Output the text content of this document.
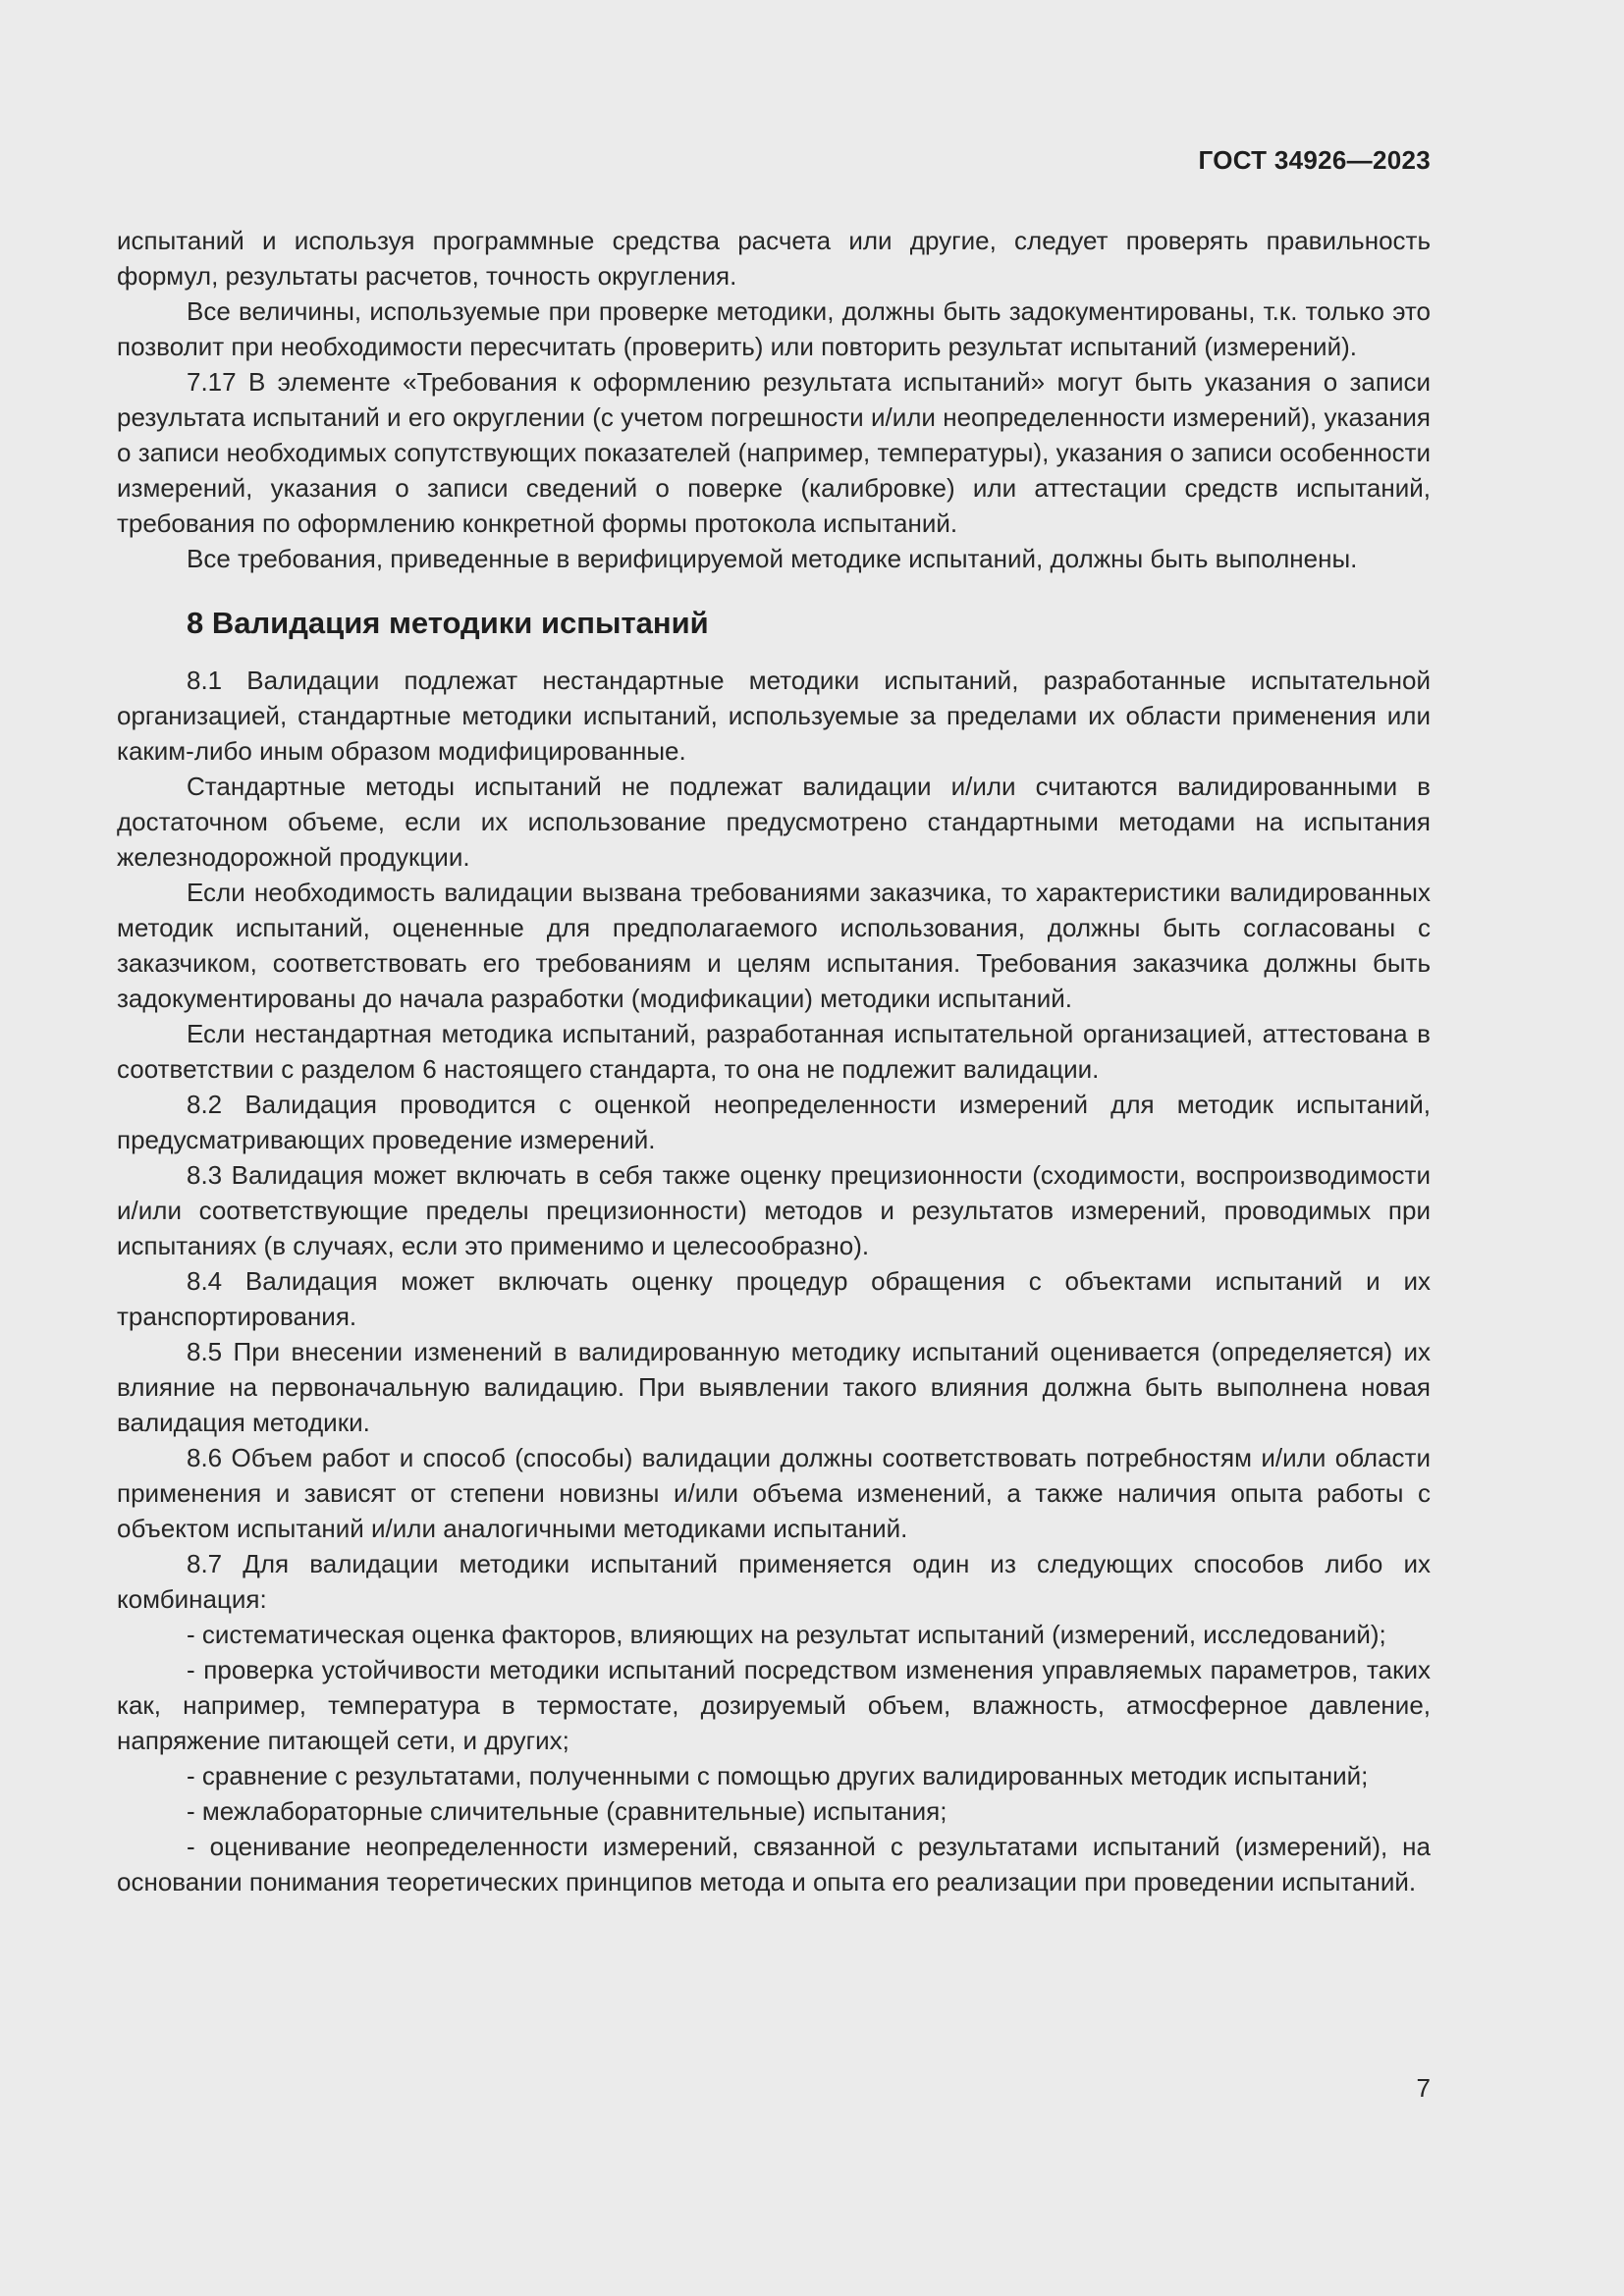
ГОСТ 34926—2023

испытаний и используя программные средства расчета или другие, следует проверять правильность формул, результаты расчетов, точность округления.

Все величины, используемые при проверке методики, должны быть задокументированы, т.к. только это позволит при необходимости пересчитать (проверить) или повторить результат испытаний (измерений).

7.17 В элементе «Требования к оформлению результата испытаний» могут быть указания о записи результата испытаний и его округлении (с учетом погрешности и/или неопределенности измерений), указания о записи необходимых сопутствующих показателей (например, температуры), указания о записи особенности измерений, указания о записи сведений о поверке (калибровке) или аттестации средств испытаний, требования по оформлению конкретной формы протокола испытаний.

Все требования, приведенные в верифицируемой методике испытаний, должны быть выполнены.

8 Валидация методики испытаний

8.1 Валидации подлежат нестандартные методики испытаний, разработанные испытательной организацией, стандартные методики испытаний, используемые за пределами их области применения или каким-либо иным образом модифицированные.

Стандартные методы испытаний не подлежат валидации и/или считаются валидированными в достаточном объеме, если их использование предусмотрено стандартными методами на испытания железнодорожной продукции.

Если необходимость валидации вызвана требованиями заказчика, то характеристики валидированных методик испытаний, оцененные для предполагаемого использования, должны быть согласованы с заказчиком, соответствовать его требованиям и целям испытания. Требования заказчика должны быть задокументированы до начала разработки (модификации) методики испытаний.

Если нестандартная методика испытаний, разработанная испытательной организацией, аттестована в соответствии с разделом 6 настоящего стандарта, то она не подлежит валидации.

8.2 Валидация проводится с оценкой неопределенности измерений для методик испытаний, предусматривающих проведение измерений.

8.3 Валидация может включать в себя также оценку прецизионности (сходимости, воспроизводимости и/или соответствующие пределы прецизионности) методов и результатов измерений, проводимых при испытаниях (в случаях, если это применимо и целесообразно).

8.4 Валидация может включать оценку процедур обращения с объектами испытаний и их транспортирования.

8.5 При внесении изменений в валидированную методику испытаний оценивается (определяется) их влияние на первоначальную валидацию. При выявлении такого влияния должна быть выполнена новая валидация методики.

8.6 Объем работ и способ (способы) валидации должны соответствовать потребностям и/или области применения и зависят от степени новизны и/или объема изменений, а также наличия опыта работы с объектом испытаний и/или аналогичными методиками испытаний.

8.7 Для валидации методики испытаний применяется один из следующих способов либо их комбинация:

- систематическая оценка факторов, влияющих на результат испытаний (измерений, исследований);

- проверка устойчивости методики испытаний посредством изменения управляемых параметров, таких как, например, температура в термостате, дозируемый объем, влажность, атмосферное давление, напряжение питающей сети, и других;

- сравнение с результатами, полученными с помощью других валидированных методик испытаний;

- межлабораторные сличительные (сравнительные) испытания;

- оценивание неопределенности измерений, связанной с результатами испытаний (измерений), на основании понимания теоретических принципов метода и опыта его реализации при проведении испытаний.

7
